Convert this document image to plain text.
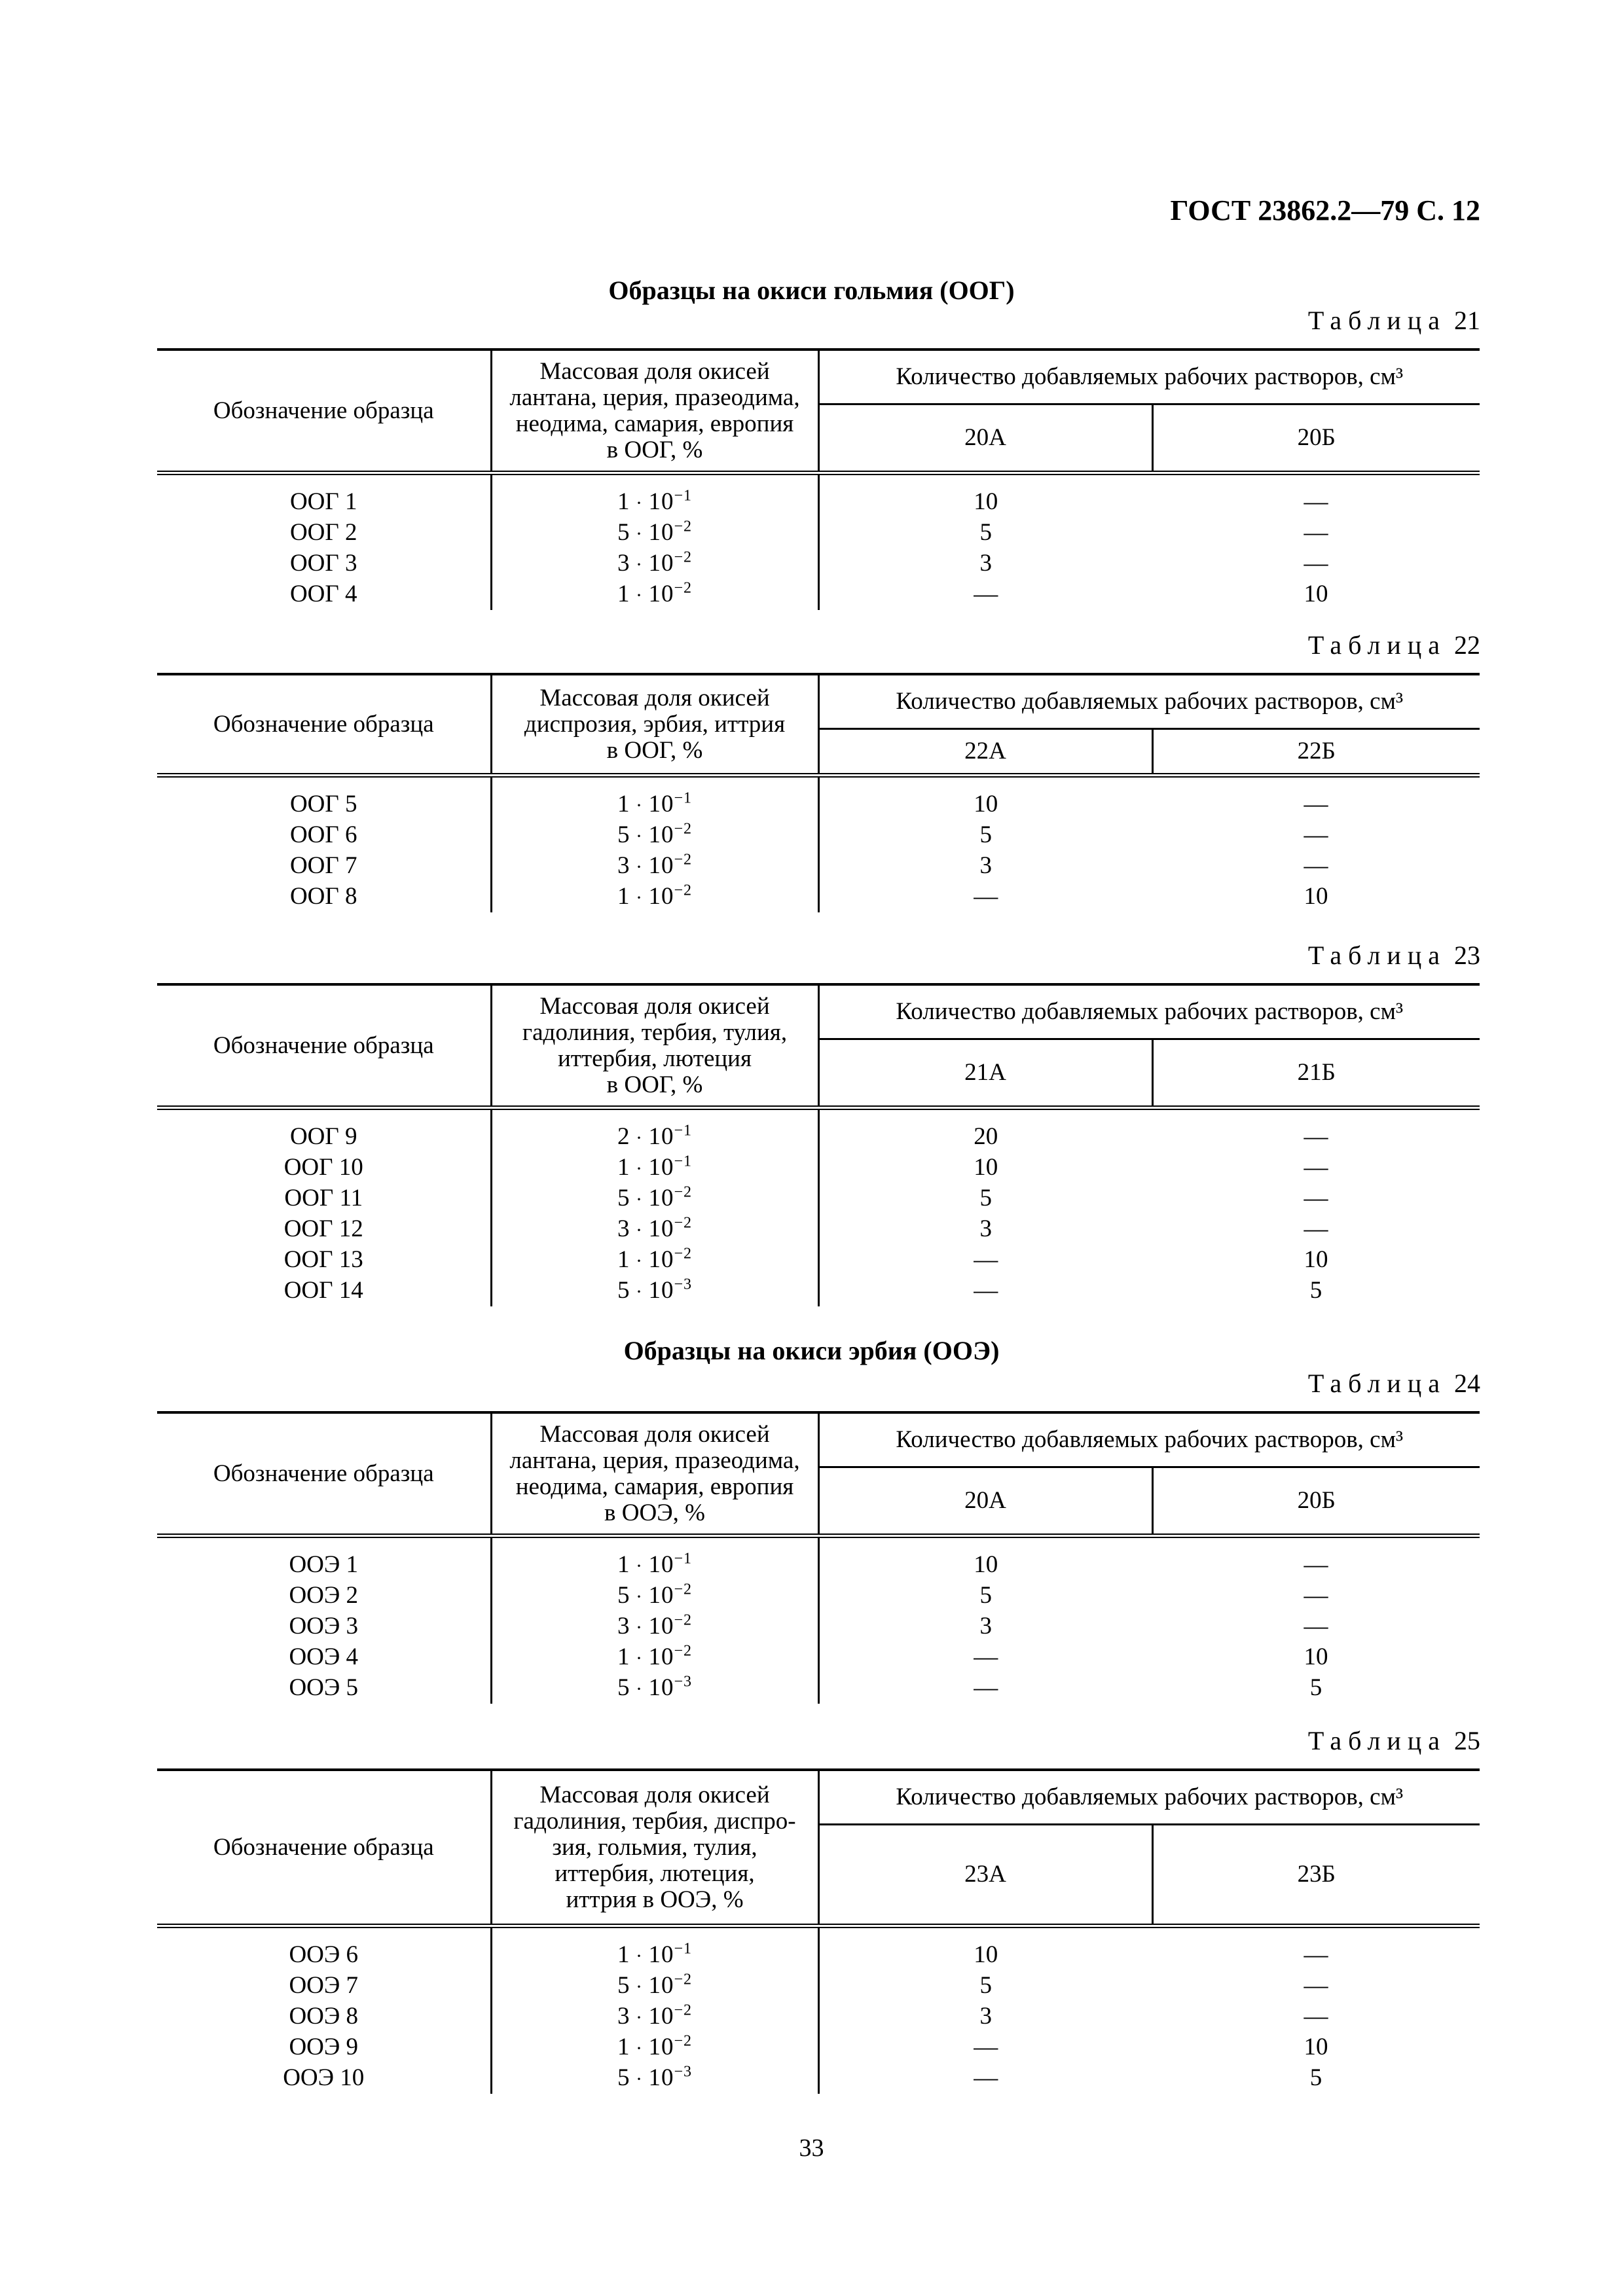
ГОСТ 23862.2—79 С. 12
Образцы на окиси гольмия (ООГ)
Таблица 21
Обозначение образца	Массовая доля окисей
лантана, церия, празеодима,
неодима, самария, европия
в ООГ, %	Количество добавляемых рабочих растворов, см³	
		20А	20Б
ООГ 1	$1 \cdot 10^{-1}$	10	—
ООГ 2	$5 \cdot 10^{-2}$	5	—
ООГ 3	$3 \cdot 10^{-2}$	3	—
ООГ 4	$1 \cdot 10^{-2}$	—	10
Таблица 22
Обозначение образца	Массовая доля окисей
диспрозия, эрбия, иттрия
в ООГ, %	Количество добавляемых рабочих растворов, см³	
		22А	22Б
ООГ 5	$1 \cdot 10^{-1}$	10	—
ООГ 6	$5 \cdot 10^{-2}$	5	—
ООГ 7	$3 \cdot 10^{-2}$	3	—
ООГ 8	$1 \cdot 10^{-2}$	—	10
Таблица 23
Обозначение образца	Массовая доля окисей
гадолиния, тербия, тулия,
иттербия, лютеция
в ООГ, %	Количество добавляемых рабочих растворов, см³	
		21А	21Б
ООГ 9	$2 \cdot 10^{-1}$	20	—
ООГ 10	$1 \cdot 10^{-1}$	10	—
ООГ 11	$5 \cdot 10^{-2}$	5	—
ООГ 12	$3 \cdot 10^{-2}$	3	—
ООГ 13	$1 \cdot 10^{-2}$	—	10
ООГ 14	$5 \cdot 10^{-3}$	—	5
Образцы на окиси эрбия (ООЭ)
Таблица 24
Обозначение образца	Массовая доля окисей
лантана, церия, празеодима,
неодима, самария, европия
в ООЭ, %	Количество добавляемых рабочих растворов, см³	
		20А	20Б
ООЭ 1	$1 \cdot 10^{-1}$	10	—
ООЭ 2	$5 \cdot 10^{-2}$	5	—
ООЭ 3	$3 \cdot 10^{-2}$	3	—
ООЭ 4	$1 \cdot 10^{-2}$	—	10
ООЭ 5	$5 \cdot 10^{-3}$	—	5
Таблица 25
Обозначение образца	Массовая доля окисей
гадолиния, тербия, диспро-
зия, гольмия, тулия,
иттербия, лютеция,
иттрия в ООЭ, %	Количество добавляемых рабочих растворов, см³	
		23А	23Б
ООЭ 6	$1 \cdot 10^{-1}$	10	—
ООЭ 7	$5 \cdot 10^{-2}$	5	—
ООЭ 8	$3 \cdot 10^{-2}$	3	—
ООЭ 9	$1 \cdot 10^{-2}$	—	10
ООЭ 10	$5 \cdot 10^{-3}$	—	5
33
